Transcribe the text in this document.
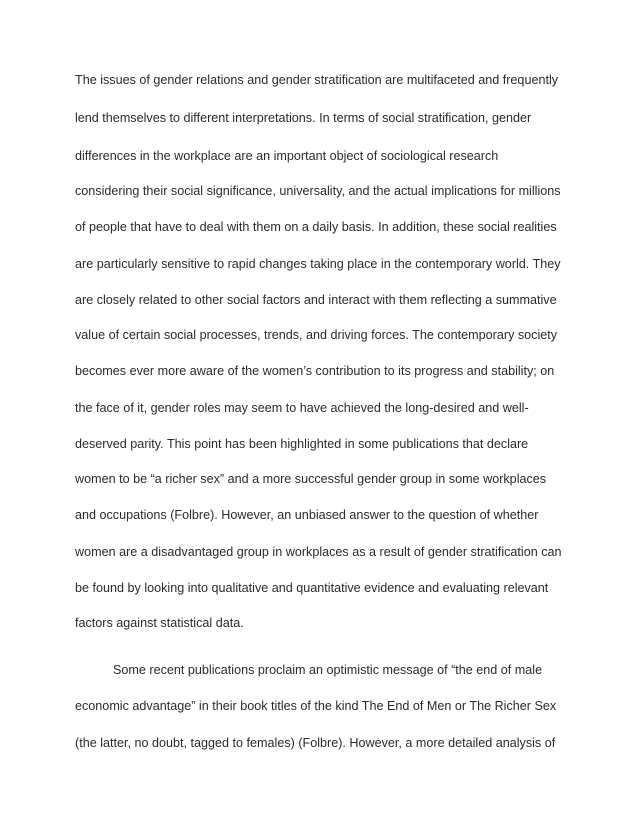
The issues of gender relations and gender stratification are multifaceted and frequently
lend themselves to different interpretations. In terms of social stratification, gender
differences in the workplace are an important object of sociological research
considering their social significance, universality, and the actual implications for millions
of people that have to deal with them on a daily basis. In addition, these social realities
are particularly sensitive to rapid changes taking place in the contemporary world. They
are closely related to other social factors and interact with them reflecting a summative
value of certain social processes, trends, and driving forces. The contemporary society
becomes ever more aware of the women’s contribution to its progress and stability; on
the face of it, gender roles may seem to have achieved the long-desired and well-
deserved parity. This point has been highlighted in some publications that declare
women to be “a richer sex” and a more successful gender group in some workplaces
and occupations (Folbre). However, an unbiased answer to the question of whether
women are a disadvantaged group in workplaces as a result of gender stratification can
be found by looking into qualitative and quantitative evidence and evaluating relevant
factors against statistical data.
Some recent publications proclaim an optimistic message of “the end of male
economic advantage” in their book titles of the kind The End of Men or The Richer Sex
(the latter, no doubt, tagged to females) (Folbre). However, a more detailed analysis of
